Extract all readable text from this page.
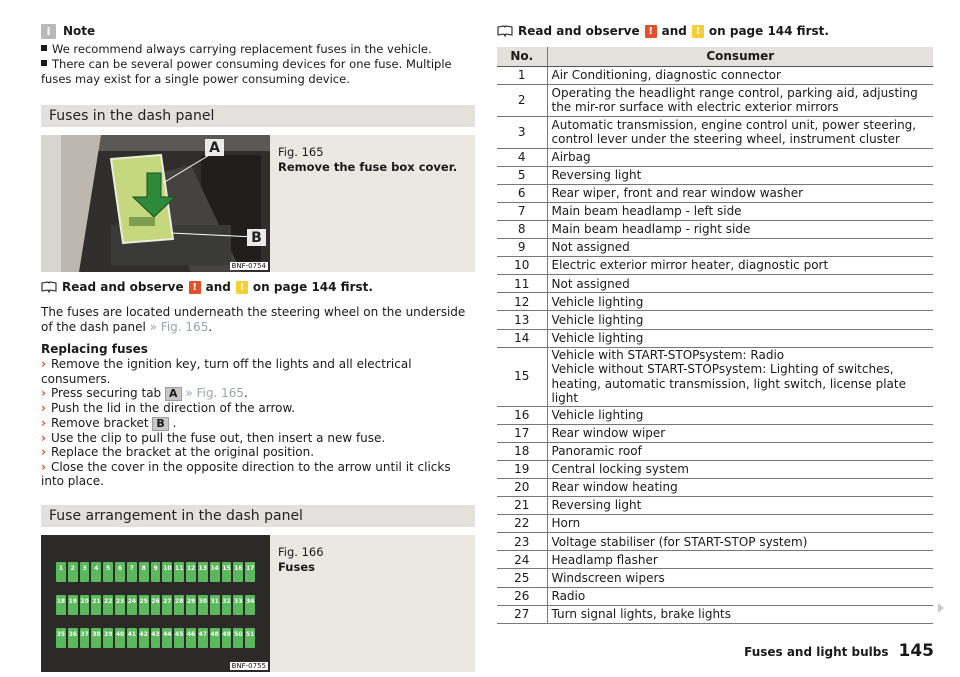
i	Note
We recommend always carrying replacement fuses in the vehicle.
There can be several power consuming devices for one fuse. Multiple fuses may exist for a single power consuming device.
Fuses in the dash panel
A
B
BNF-0754
Fig. 165
Remove the fuse box cover.
Read and observe ! and ! on page 144 first.
The fuses are located underneath the steering wheel on the underside of the dash panel » Fig. 165.
Replacing fuses
› Remove the ignition key, turn off the lights and all electrical consumers.
› Press securing tab A » Fig. 165.
› Push the lid in the direction of the arrow.
› Remove bracket B .
› Use the clip to pull the fuse out, then insert a new fuse.
› Replace the bracket at the original position.
› Close the cover in the opposite direction to the arrow until it clicks into place.
Fuse arrangement in the dash panel
1	2	3	4	5	6	7	8	9 10 11 12 13 14 15 16 17
18 19 20 21 22 23 24 25 26 27 28 29 30 31 32 33 34
35 36 37 38 39 40 41 42 43 44 45 46 47 48 49 50 51
BNF-0755
Fig. 166
Fuses
Read and observe ! and ! on page 144 first.
No.	Consumer
1	Air Conditioning, diagnostic connector
2	Operating the headlight range control, parking aid, adjusting the mir-ror surface with electric exterior mirrors
3	Automatic transmission, engine control unit, power steering, control lever under the steering wheel, instrument cluster
4	Airbag
5	Reversing light
6	Rear wiper, front and rear window washer
7	Main beam headlamp - left side
8	Main beam headlamp - right side
9	Not assigned
10	Electric exterior mirror heater, diagnostic port
11	Not assigned
12	Vehicle lighting
13	Vehicle lighting
14	Vehicle lighting
15	Vehicle with START-STOPsystem: Radio
Vehicle without START-STOPsystem: Lighting of switches, heating, automatic transmission, light switch, license plate light
16	Vehicle lighting
17	Rear window wiper
18	Panoramic roof
19	Central locking system
20	Rear window heating
21	Reversing light
22	Horn
23	Voltage stabiliser (for START-STOP system)
24	Headlamp flasher
25	Windscreen wipers
26	Radio
27	Turn signal lights, brake lights
Fuses and light bulbs 145
